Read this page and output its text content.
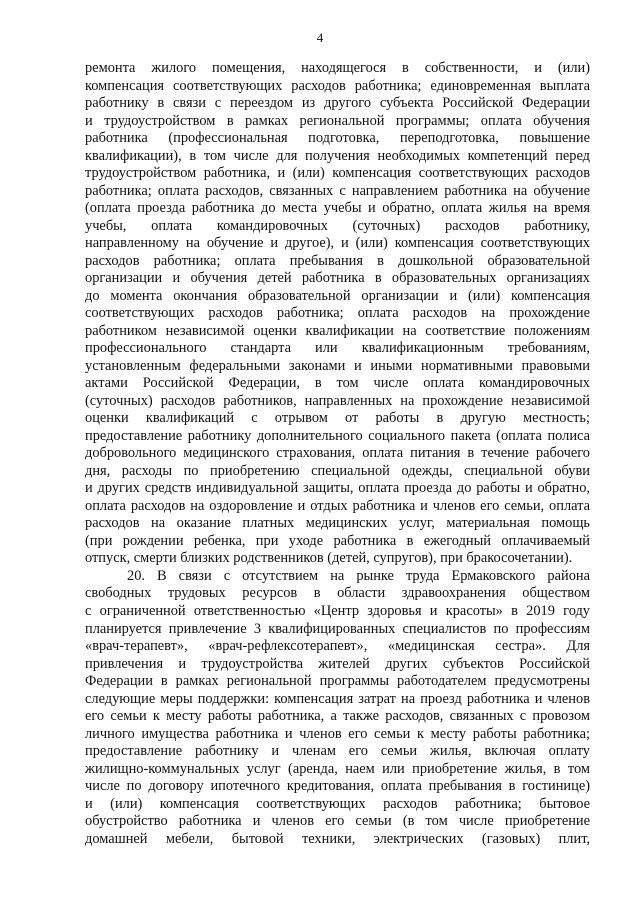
4
ремонта жилого помещения, находящегося в собственности, и (или)
компенсация соответствующих расходов работника; единовременная выплата
работнику в связи с переездом из другого субъекта Российской Федерации
и трудоустройством в рамках региональной программы; оплата обучения
работника (профессиональная подготовка, переподготовка, повышение
квалификации), в том числе для получения необходимых компетенций перед
трудоустройством работника, и (или) компенсация соответствующих расходов
работника; оплата расходов, связанных с направлением работника на обучение
(оплата проезда работника до места учебы и обратно, оплата жилья на время
учебы, оплата командировочных (суточных) расходов работнику,
направленному на обучение и другое), и (или) компенсация соответствующих
расходов работника; оплата пребывания в дошкольной образовательной
организации и обучения детей работника в образовательных организациях
до момента окончания образовательной организации и (или) компенсация
соответствующих расходов работника; оплата расходов на прохождение
работником независимой оценки квалификации на соответствие положениям
профессионального стандарта или квалификационным требованиям,
установленным федеральными законами и иными нормативными правовыми
актами Российской Федерации, в том числе оплата командировочных
(суточных) расходов работников, направленных на прохождение независимой
оценки квалификаций с отрывом от работы в другую местность;
предоставление работнику дополнительного социального пакета (оплата полиса
добровольного медицинского страхования, оплата питания в течение рабочего
дня, расходы по приобретению специальной одежды, специальной обуви
и других средств индивидуальной защиты, оплата проезда до работы и обратно,
оплата расходов на оздоровление и отдых работника и членов его семьи, оплата
расходов на оказание платных медицинских услуг, материальная помощь
(при рождении ребенка, при уходе работника в ежегодный оплачиваемый
отпуск, смерти близких родственников (детей, супругов), при бракосочетании).
20. В связи с отсутствием на рынке труда Ермаковского района
свободных трудовых ресурсов в области здравоохранения обществом
с ограниченной ответственностью «Центр здоровья и красоты» в 2019 году
планируется привлечение 3 квалифицированных специалистов по профессиям
«врач-терапевт», «врач-рефлексотерапевт», «медицинская сестра». Для
привлечения и трудоустройства жителей других субъектов Российской
Федерации в рамках региональной программы работодателем предусмотрены
следующие меры поддержки: компенсация затрат на проезд работника и членов
его семьи к месту работы работника, а также расходов, связанных с провозом
личного имущества работника и членов его семьи к месту работы работника;
предоставление работнику и членам его семьи жилья, включая оплату
жилищно-коммунальных услуг (аренда, наем или приобретение жилья, в том
числе по договору ипотечного кредитования, оплата пребывания в гостинице)
и (или) компенсация соответствующих расходов работника; бытовое
обустройство работника и членов его семьи (в том числе приобретение
домашней мебели, бытовой техники, электрических (газовых) плит,
